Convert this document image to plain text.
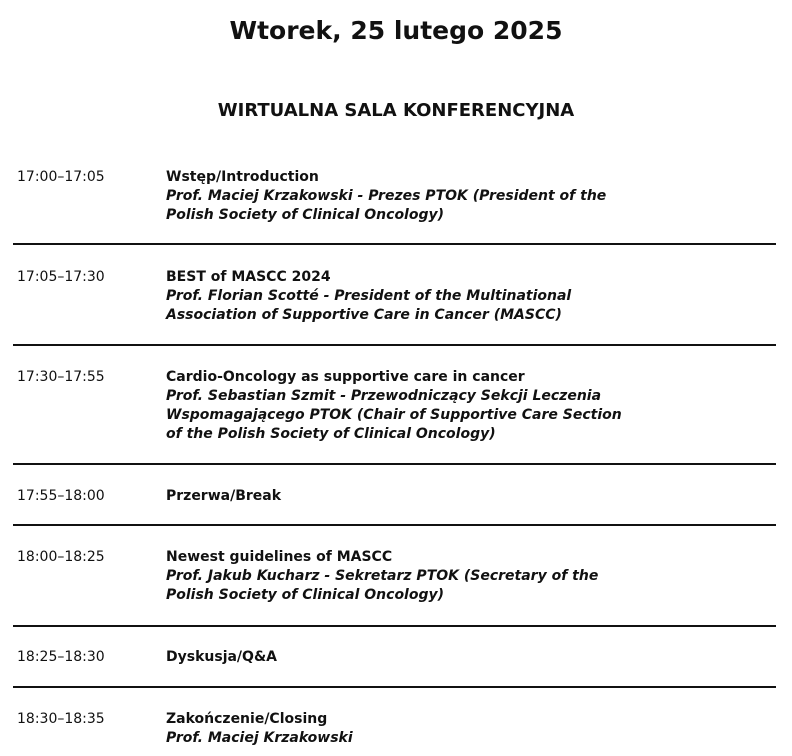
Wtorek, 25 lutego 2025
WIRTUALNA SALA KONFERENCYJNA
17:00–17:05	Wstęp/Introduction
Prof. Maciej Krzakowski - Prezes PTOK (President of the
Polish Society of Clinical Oncology)
17:05–17:30	BEST of MASCC 2024
Prof. Florian Scotté - President of the Multinational
Association of Supportive Care in Cancer (MASCC)
17:30–17:55	Cardio-Oncology as supportive care in cancer
Prof. Sebastian Szmit - Przewodniczący Sekcji Leczenia
Wspomagającego PTOK (Chair of Supportive Care Section
of the Polish Society of Clinical Oncology)
17:55–18:00	Przerwa/Break
18:00–18:25	Newest guidelines of MASCC
Prof. Jakub Kucharz - Sekretarz PTOK (Secretary of the
Polish Society of Clinical Oncology)
18:25–18:30	Dyskusja/Q&A
18:30–18:35	Zakończenie/Closing
Prof. Maciej Krzakowski
